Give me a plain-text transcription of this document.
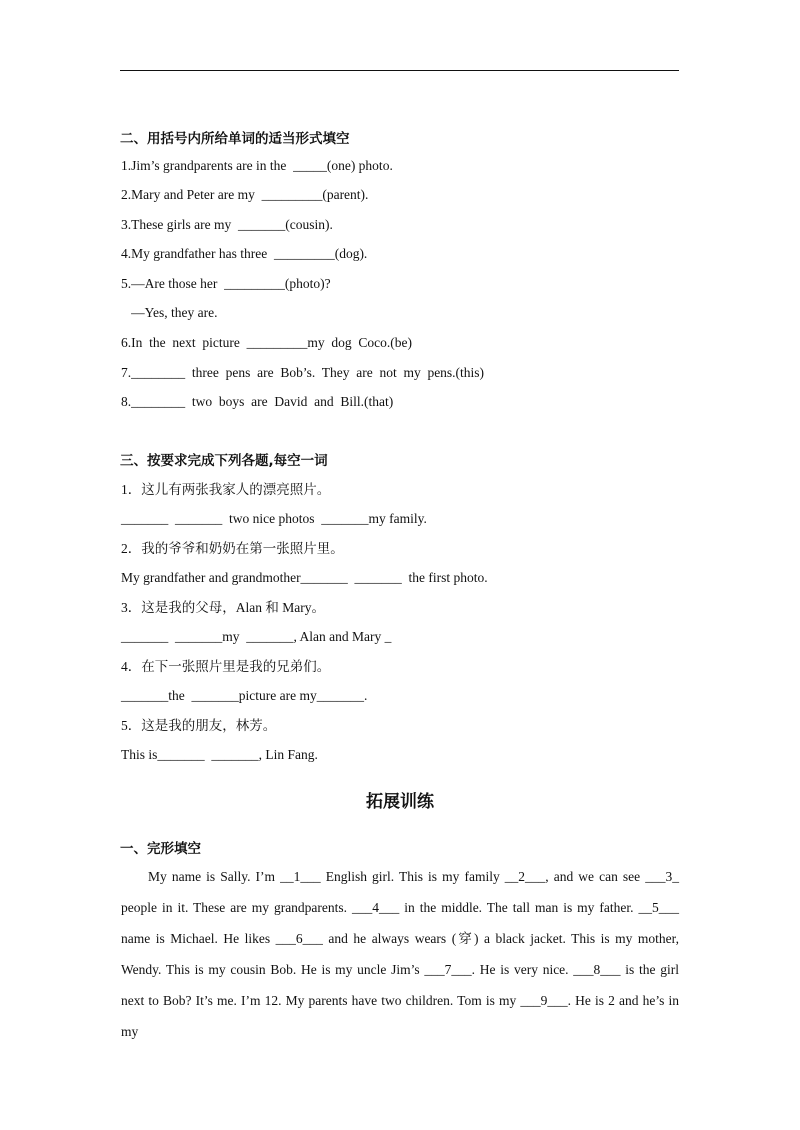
二、用括号内所给单词的适当形式填空
1.Jim’s grandparents are in the  _____(one) photo.
2.Mary and Peter are my  _________(parent).
3.These girls are my  _______(cousin).
4.My grandfather has three  _________(dog).
5.—Are those her  _________(photo)?
—Yes, they are.
6.In  the  next  picture  _________my  dog  Coco.(be)
7.________  three  pens  are  Bob’s.  They  are  not  my  pens.(this)
8.________  two  boys  are  David  and  Bill.(that)
三、按要求完成下列各题,每空一词
1．这儿有两张我家人的漂亮照片。
_______  _______  two nice photos  _______my family.
2．我的爷爷和奶奶在第一张照片里。
My grandfather and grandmother_______  _______  the first photo.
3．这是我的父母，Alan 和 Mary。
_______  _______my  _______, Alan and Mary _
4．在下一张照片里是我的兄弟们。
_______the  _______picture are my_______.
5．这是我的朋友，林芳。
This is_______  _______, Lin Fang.
拓展训练
一、完形填空
My name is Sally. I’m __1___ English girl. This is my family __2___, and we can see ___3_ people in it. These are my grandparents. ___4___ in the middle. The tall man is my father. __5___ name is Michael. He likes ___6___ and he always wears (穿) a black jacket. This is my mother, Wendy. This is my cousin Bob. He is my uncle Jim’s ___7___. He is very nice. ___8___ is the girl next to Bob? It’s me. I’m 12. My parents have two children. Tom is my ___9___. He is 2 and he’s in my
